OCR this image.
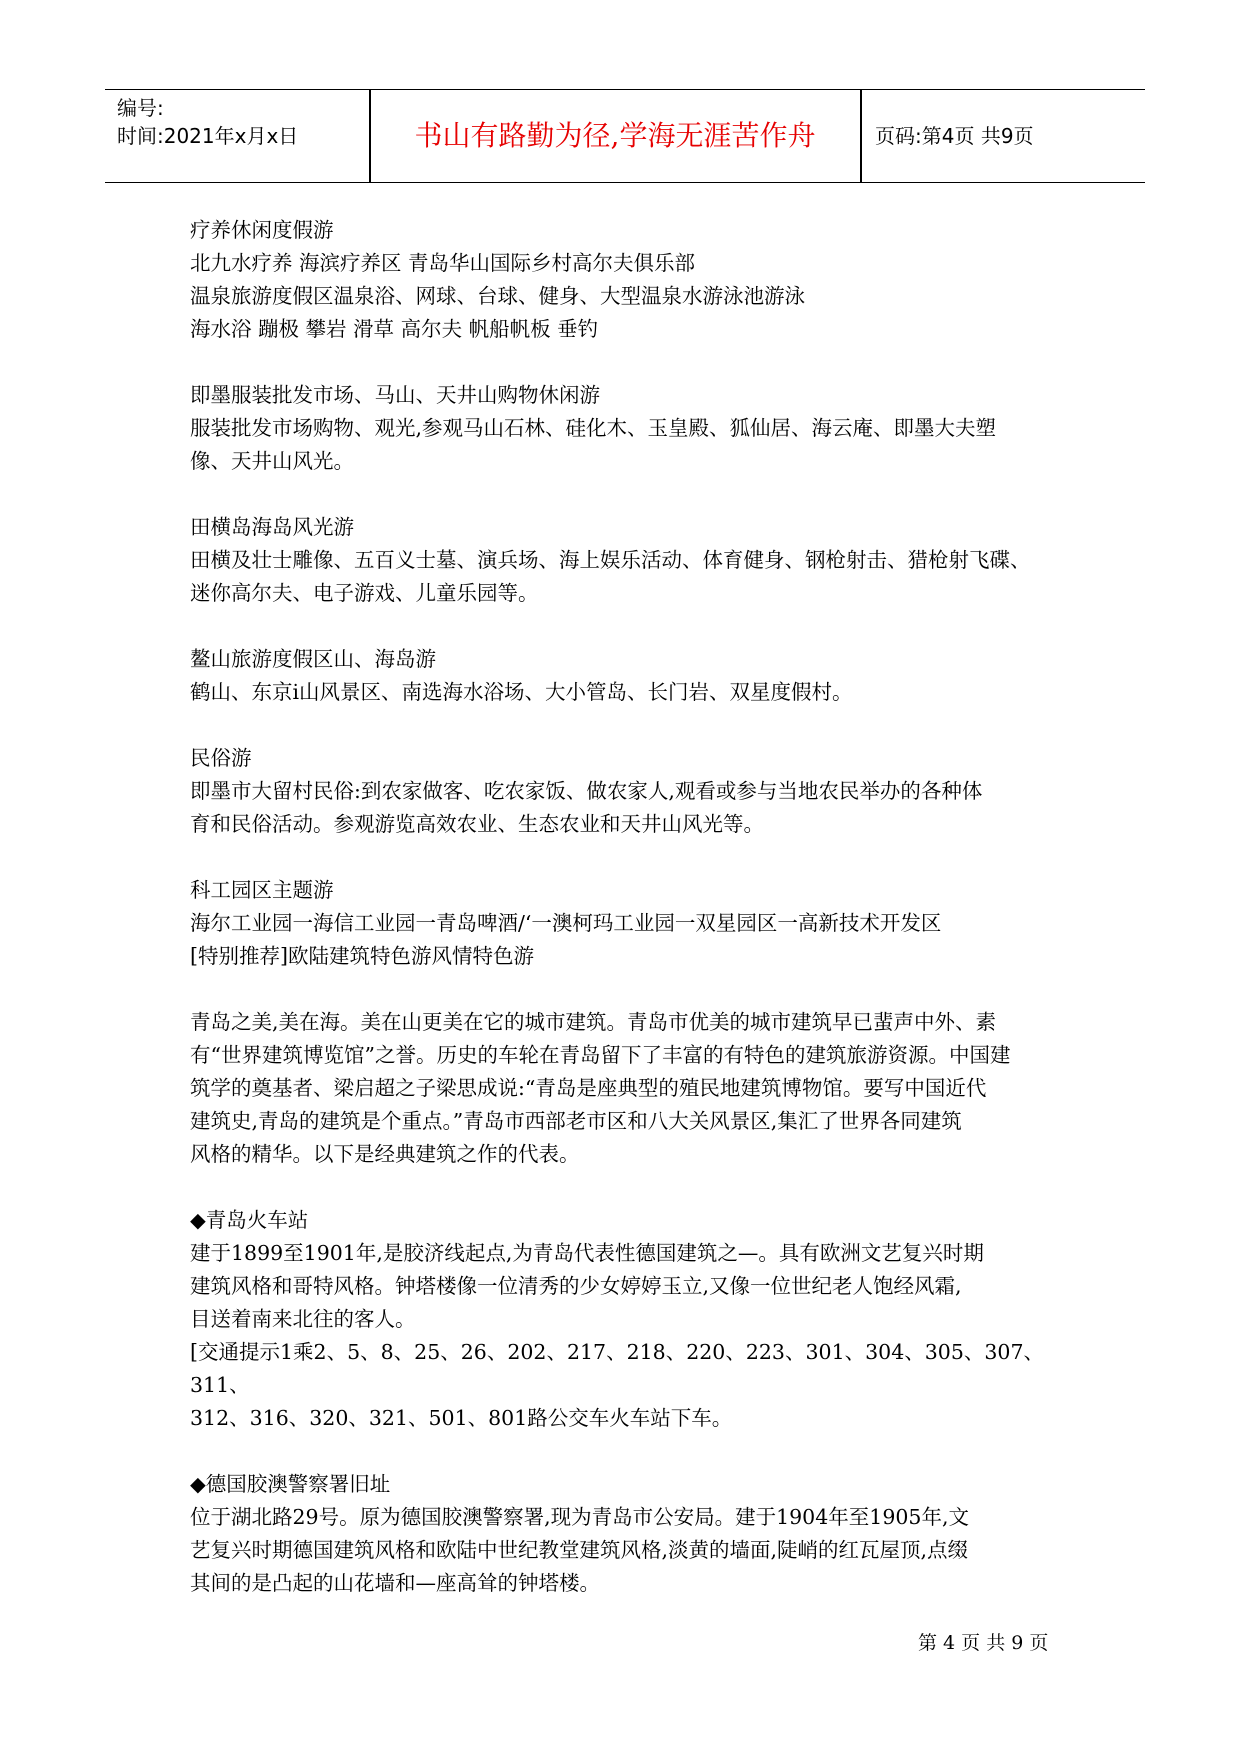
编号:
时间:2021年x月x日	书山有路勤为径,学海无涯苦作舟	页码:第4页 共9页

疗养休闲度假游

北九水疗养 海滨疗养区 青岛华山国际乡村高尔夫俱乐部

温泉旅游度假区温泉浴、网球、台球、健身、大型温泉水游泳池游泳

海水浴 蹦极 攀岩 滑草 高尔夫 帆船帆板 垂钓

即墨服装批发市场、马山、天井山购物休闲游

服装批发市场购物、观光,参观马山石林、硅化木、玉皇殿、狐仙居、海云庵、即墨大夫塑

像、天井山风光。

田横岛海岛风光游

田横及壮士雕像、五百义士墓、演兵场、海上娱乐活动、体育健身、钢枪射击、猎枪射飞碟、

迷你高尔夫、电子游戏、儿童乐园等。

鳌山旅游度假区山、海岛游

鹤山、东京i山风景区、南选海水浴场、大小管岛、长门岩、双星度假村。

民俗游

即墨市大留村民俗:到农家做客、吃农家饭、做农家人,观看或参与当地农民举办的各种体

育和民俗活动。参观游览高效农业、生态农业和天井山风光等。

科工园区主题游

海尔工业园一海信工业园一青岛啤酒/‘一澳柯玛工业园一双星园区一高新技术开发区

[特别推荐]欧陆建筑特色游风情特色游

青岛之美,美在海。美在山更美在它的城市建筑。青岛市优美的城市建筑早已蜚声中外、素

有“世界建筑博览馆”之誉。历史的车轮在青岛留下了丰富的有特色的建筑旅游资源。中国建

筑学的奠基者、梁启超之子梁思成说:“青岛是座典型的殖民地建筑博物馆。要写中国近代

建筑史,青岛的建筑是个重点。”青岛市西部老市区和八大关风景区,集汇了世界各同建筑

风格的精华。以下是经典建筑之作的代表。

◆青岛火车站

建于1899至1901年,是胶济线起点,为青岛代表性德国建筑之—。具有欧洲文艺复兴时期

建筑风格和哥特风格。钟塔楼像一位清秀的少女婷婷玉立,又像一位世纪老人饱经风霜,

目送着南来北往的客人。

[交通提示1乘2、5、8、25、26、202、217、218、220、223、301、304、305、307、311、

312、316、320、321、501、801路公交车火车站下车。

◆德国胶澳警察署旧址

位于湖北路29号。原为德国胶澳警察署,现为青岛市公安局。建于1904年至1905年,文

艺复兴时期德国建筑风格和欧陆中世纪教堂建筑风格,淡黄的墙面,陡峭的红瓦屋顶,点缀

其间的是凸起的山花墙和—座高耸的钟塔楼。

第 4 页 共 9 页
